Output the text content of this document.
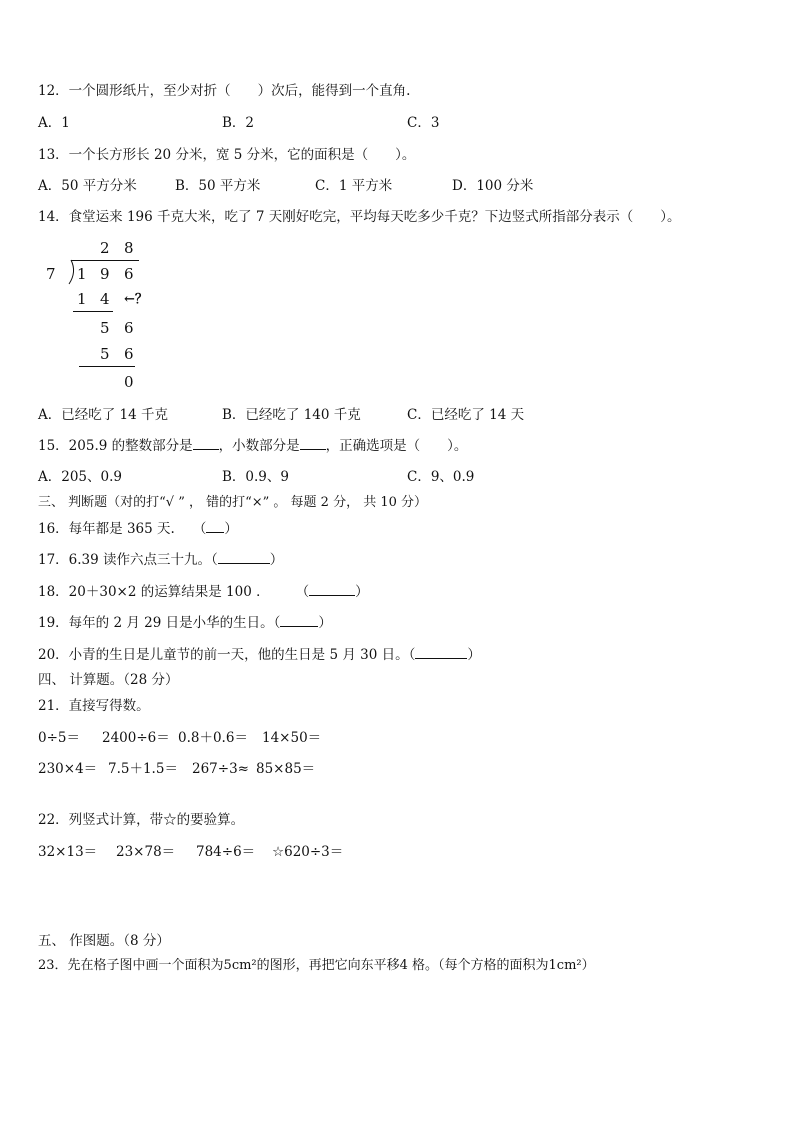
12．一个圆形纸片，至少对折（　　）次后，能得到一个直角.
A．1	B．2	C．3
13．一个长方形长 20 分米，宽 5 分米，它的面积是（　　）。
A．50 平方分米	B．50 平方米	C．1 平方米	D．100 分米
14．食堂运来 196 千克大米，吃了 7 天刚好吃完，平均每天吃多少千克？下边竖式所指部分表示（　　）。
2 8
7 1 9 6
1 4 ←？
5 6
5 6
0
A．已经吃了 14 千克	B．已经吃了 140 千克	C．已经吃了 14 天
15．205.9 的整数部分是 ，小数部分是 ，正确选项是（　　）。
A．205、0.9	B．0.9、9	C．9、0.9
三、 判断题（对的打“√ ” ， 错的打“×” 。 每题 2 分， 共 10 分）
16．每年都是 365 天. （ ）
17．6.39 读作六点三十九。（	）
18．20＋30×2 的运算结果是 100 ． （	）
19．每年的 2 月 29 日是小华的生日。（	）
20．小青的生日是儿童节的前一天，他的生日是 5 月 30 日。（	）
四、 计算题。（28 分）
21．直接写得数。
0÷5＝ 2400÷6＝ 0.8＋0.6＝ 14×50＝
230×4＝ 7.5＋1.5＝ 267÷3≈ 85×85＝
22．列竖式计算，带☆的要验算。
32×13＝ 23×78＝ 784÷6＝ ☆620÷3＝
五、 作图题。（8 分）
23．先在格子图中画一个面积为5cm²的图形，再把它向东平移4 格。（每个方格的面积为1cm²）
